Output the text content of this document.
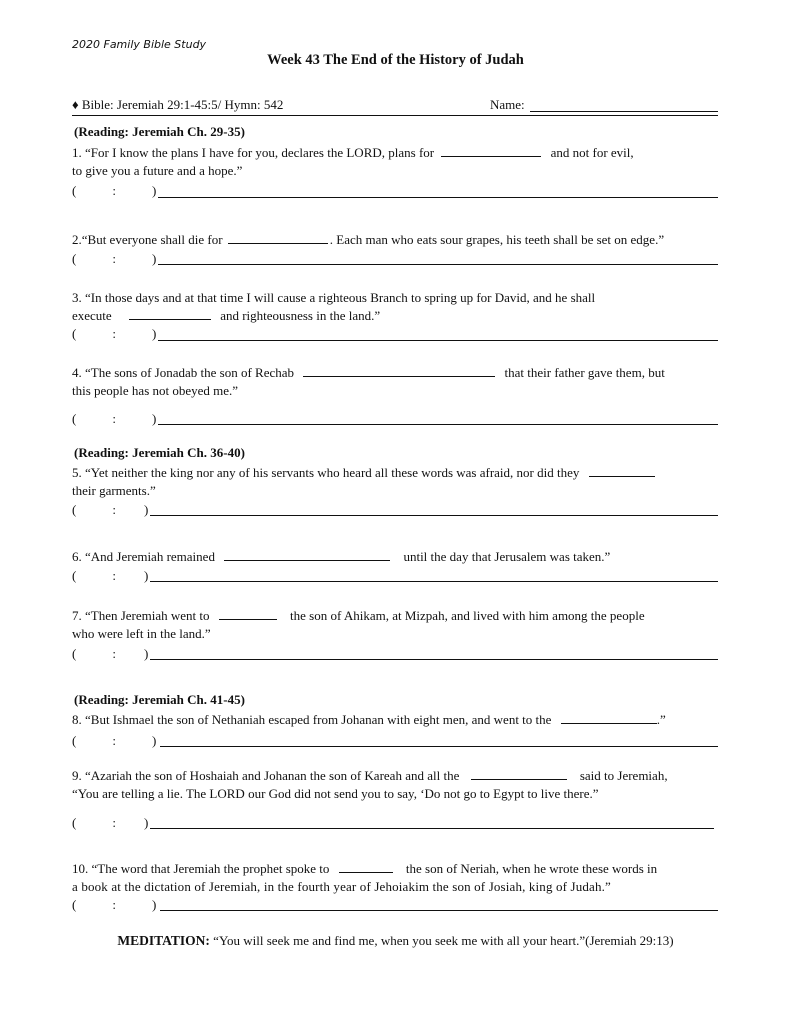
2020 Family Bible Study
Week 43 The End of the History of Judah
♦ Bible: Jeremiah 29:1-45:5/ Hymn: 542	Name:
(Reading: Jeremiah Ch. 29-35)
1. “For I know the plans I have for you, declares the LORD, plans for	and not for evil,
to give you a future and a hope.”
(	:	)
2.“But everyone shall die for	. Each man who eats sour grapes, his teeth shall be set on edge.”
(	:	)
3. “In those days and at that time I will cause a righteous Branch to spring up for David, and he shall
execute	and righteousness in the land.”
(	:	)
4. “The sons of Jonadab the son of Rechab	that their father gave them, but
this people has not obeyed me.”
(	:	)
(Reading: Jeremiah Ch. 36-40)
5. “Yet neither the king nor any of his servants who heard all these words was afraid, nor did they
their garments.”
(	: )
6. “And Jeremiah remained	until the day that Jerusalem was taken.”
(	: )
7. “Then Jeremiah went to	the son of Ahikam, at Mizpah, and lived with him among the people
who were left in the land.”
(	: )
(Reading: Jeremiah Ch. 41-45)
8. “But Ishmael the son of Nethaniah escaped from Johanan with eight men, and went to the	.”
(	:	)
9. “Azariah the son of Hoshaiah and Johanan the son of Kareah and all the	said to Jeremiah,
“You are telling a lie. The LORD our God did not send you to say, ‘Do not go to Egypt to live there.”
(	: )
10. “The word that Jeremiah the prophet spoke to	the son of Neriah, when he wrote these words in
a book at the dictation of Jeremiah, in the fourth year of Jehoiakim the son of Josiah, king of Judah.”
(	:	)
MEDITATION: “You will seek me and find me, when you seek me with all your heart.”(Jeremiah 29:13)
